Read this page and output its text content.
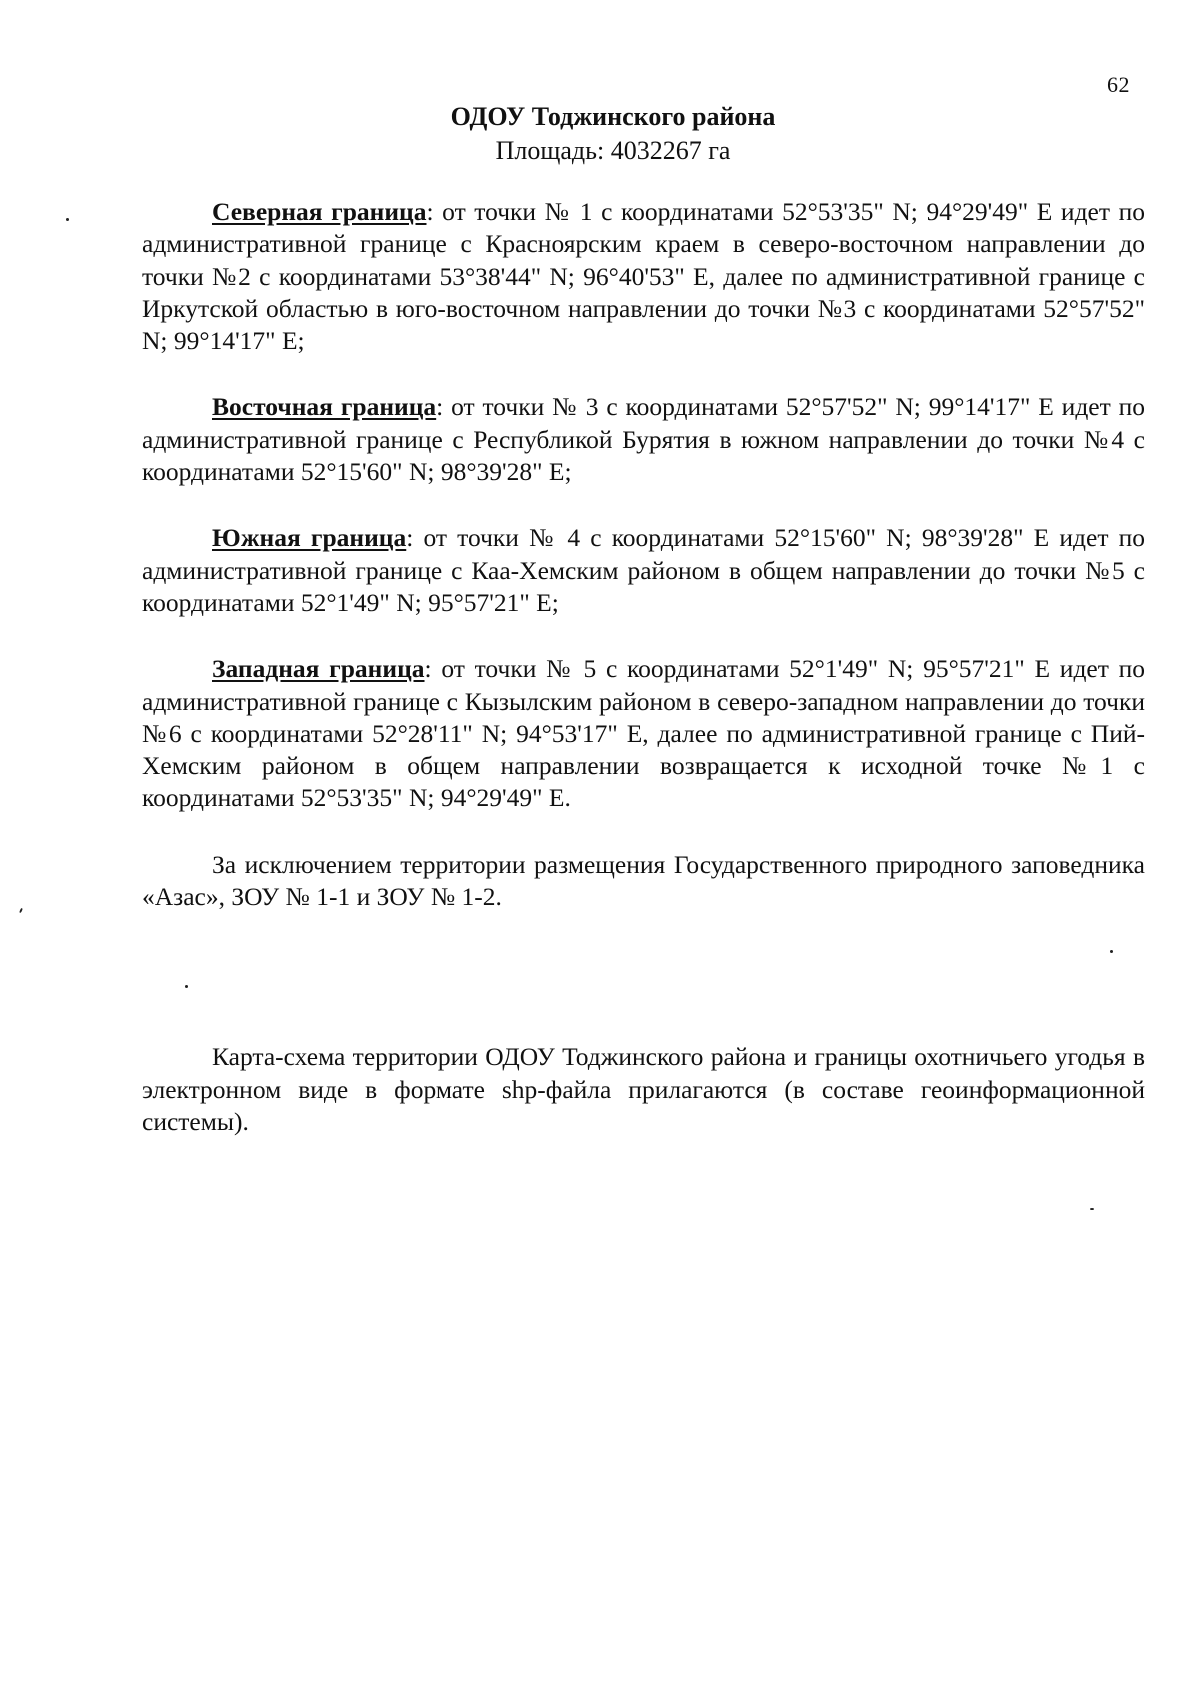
62
ОДОУ Тоджинского района
Площадь: 4032267 га

Северная граница: от точки № 1 с координатами 52°53'35" N; 94°29'49" E идет по административной границе с Красноярским краем в северо-восточном направлении до точки №2 с координатами 53°38'44" N; 96°40'53" E, далее по административной границе с Иркутской областью в юго-восточном направлении до точки №3 с координатами 52°57'52" N; 99°14'17" E;

Восточная граница: от точки № 3 с координатами 52°57'52" N; 99°14'17" E идет по административной границе с Республикой Бурятия в южном направлении до точки №4 с координатами 52°15'60" N; 98°39'28" E;

Южная граница: от точки № 4 с координатами 52°15'60" N; 98°39'28" E идет по административной границе с Каа-Хемским районом в общем направлении до точки №5 с координатами 52°1'49" N; 95°57'21" E;

Западная граница: от точки № 5 с координатами 52°1'49" N; 95°57'21" E идет по административной границе с Кызылским районом в северо-западном направлении до точки №6 с координатами 52°28'11" N; 94°53'17" E, далее по административной границе с Пий-Хемским районом в общем направлении возвращается к исходной точке №1 с координатами 52°53'35" N; 94°29'49" E.

За исключением территории размещения Государственного природного заповедника «Азас», ЗОУ № 1-1 и ЗОУ № 1-2.

Карта-схема территории ОДОУ Тоджинского района и границы охотничьего угодья в электронном виде в формате shp-файла прилагаются (в составе геоинформационной системы).
